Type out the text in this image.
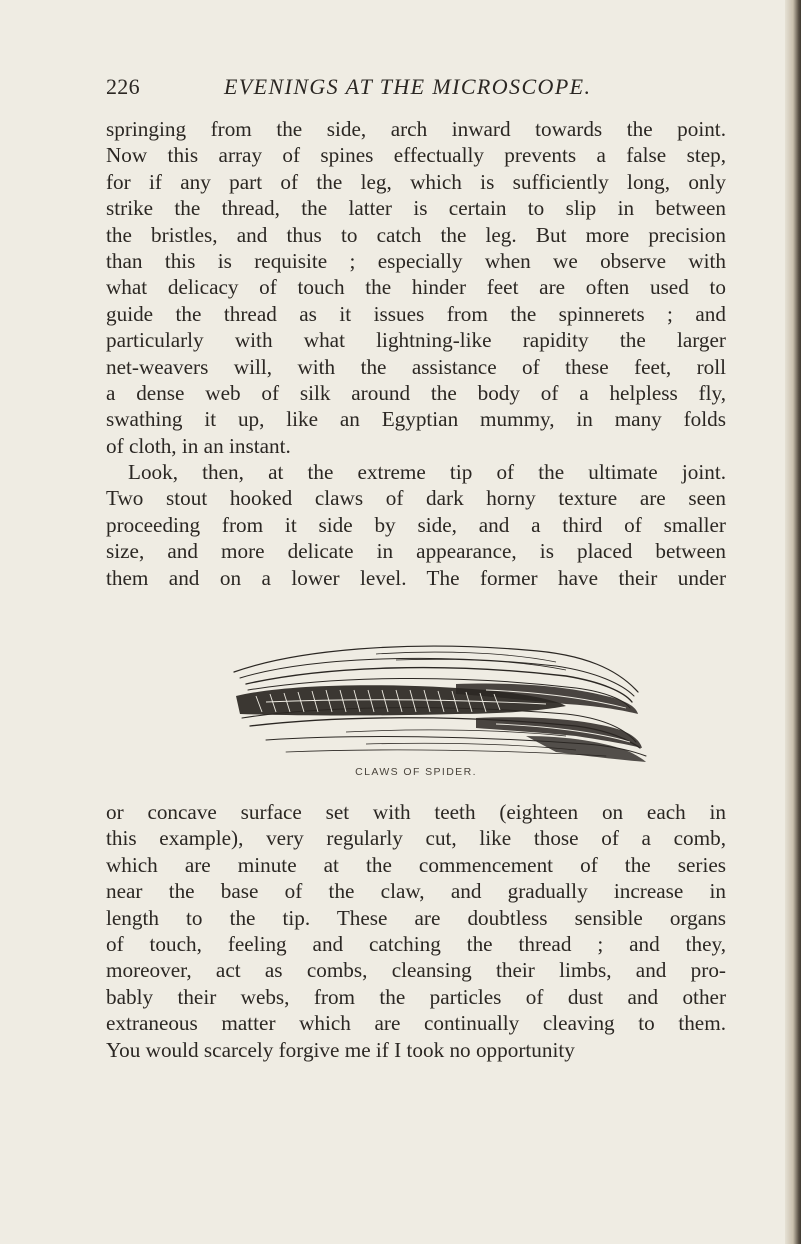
226	EVENINGS AT THE MICROSCOPE.

springing from the side, arch inward towards the point.
Now this array of spines effectually prevents a false step,
for if any part of the leg, which is sufficiently long, only
strike the thread, the latter is certain to slip in between
the bristles, and thus to catch the leg. But more precision
than this is requisite ; especially when we observe with
what delicacy of touch the hinder feet are often used to
guide the thread as it issues from the spinnerets ; and
particularly with what lightning-like rapidity the larger
net-weavers will, with the assistance of these feet, roll
a dense web of silk around the body of a helpless fly,
swathing it up, like an Egyptian mummy, in many folds
of cloth, in an instant.

Look, then, at the extreme tip of the ultimate joint.
Two stout hooked claws of dark horny texture are seen
proceeding from it side by side, and a third of smaller
size, and more delicate in appearance, is placed between
them and on a lower level. The former have their under

CLAWS OF SPIDER.

or concave surface set with teeth (eighteen on each in
this example), very regularly cut, like those of a comb,
which are minute at the commencement of the series
near the base of the claw, and gradually increase in
length to the tip. These are doubtless sensible organs
of touch, feeling and catching the thread ; and they,
moreover, act as combs, cleansing their limbs, and pro-
bably their webs, from the particles of dust and other
extraneous matter which are continually cleaving to them.
You would scarcely forgive me if I took no opportunity
